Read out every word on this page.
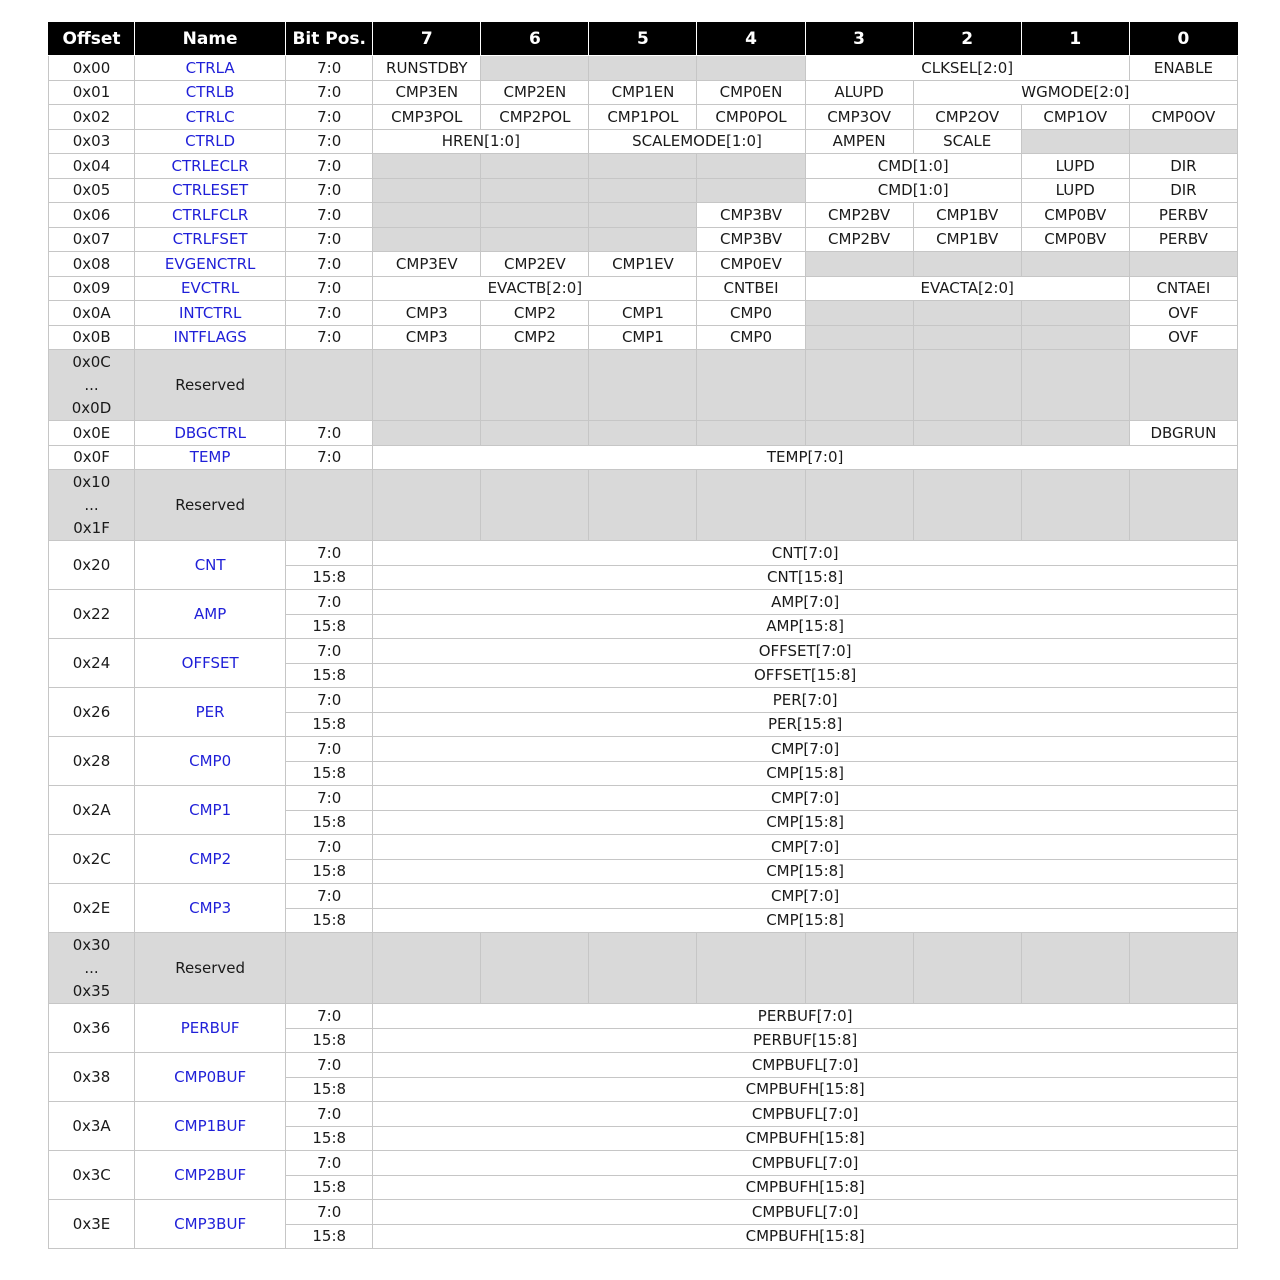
Offset	Name	Bit Pos.	7	6	5	4	3	2	1	0
0x00	CTRLA	7:0	RUNSTDBY				CLKSEL[2:0]			ENABLE
0x01	CTRLB	7:0	CMP3EN	CMP2EN	CMP1EN	CMP0EN	ALUPD	WGMODE[2:0]		
0x02	CTRLC	7:0	CMP3POL	CMP2POL	CMP1POL	CMP0POL	CMP3OV	CMP2OV	CMP1OV	CMP0OV
0x03	CTRLD	7:0	HREN[1:0]		SCALEMODE[1:0]		AMPEN	SCALE		
0x04	CTRLECLR	7:0					CMD[1:0]		LUPD	DIR
0x05	CTRLESET	7:0					CMD[1:0]		LUPD	DIR
0x06	CTRLFCLR	7:0				CMP3BV	CMP2BV	CMP1BV	CMP0BV	PERBV
0x07	CTRLFSET	7:0				CMP3BV	CMP2BV	CMP1BV	CMP0BV	PERBV
0x08	EVGENCTRL	7:0	CMP3EV	CMP2EV	CMP1EV	CMP0EV				
0x09	EVCTRL	7:0	EVACTB[2:0]			CNTBEI	EVACTA[2:0]			CNTAEI
0x0A	INTCTRL	7:0	CMP3	CMP2	CMP1	CMP0				OVF
0x0B	INTFLAGS	7:0	CMP3	CMP2	CMP1	CMP0				OVF

0x0C
...
0x0D	Reserved									
0x0E	DBGCTRL	7:0								DBGRUN
0x0F	TEMP	7:0	TEMP[7:0]							

0x10
...
0x1F	Reserved									
0x20	CNT	7:0	CNT[7:0]							
		15:8	CNT[15:8]							
0x22	AMP	7:0	AMP[7:0]							
		15:8	AMP[15:8]							
0x24	OFFSET	7:0	OFFSET[7:0]							
		15:8	OFFSET[15:8]							
0x26	PER	7:0	PER[7:0]							
		15:8	PER[15:8]							
0x28	CMP0	7:0	CMP[7:0]							
		15:8	CMP[15:8]							
0x2A	CMP1	7:0	CMP[7:0]							
		15:8	CMP[15:8]							
0x2C	CMP2	7:0	CMP[7:0]							
		15:8	CMP[15:8]							
0x2E	CMP3	7:0	CMP[7:0]							
		15:8	CMP[15:8]							

0x30
...
0x35	Reserved									
0x36	PERBUF	7:0	PERBUF[7:0]							
		15:8	PERBUF[15:8]							
0x38	CMP0BUF	7:0	CMPBUFL[7:0]							
		15:8	CMPBUFH[15:8]							
0x3A	CMP1BUF	7:0	CMPBUFL[7:0]							
		15:8	CMPBUFH[15:8]							
0x3C	CMP2BUF	7:0	CMPBUFL[7:0]							
		15:8	CMPBUFH[15:8]							
0x3E	CMP3BUF	7:0	CMPBUFL[7:0]							
		15:8	CMPBUFH[15:8]							
